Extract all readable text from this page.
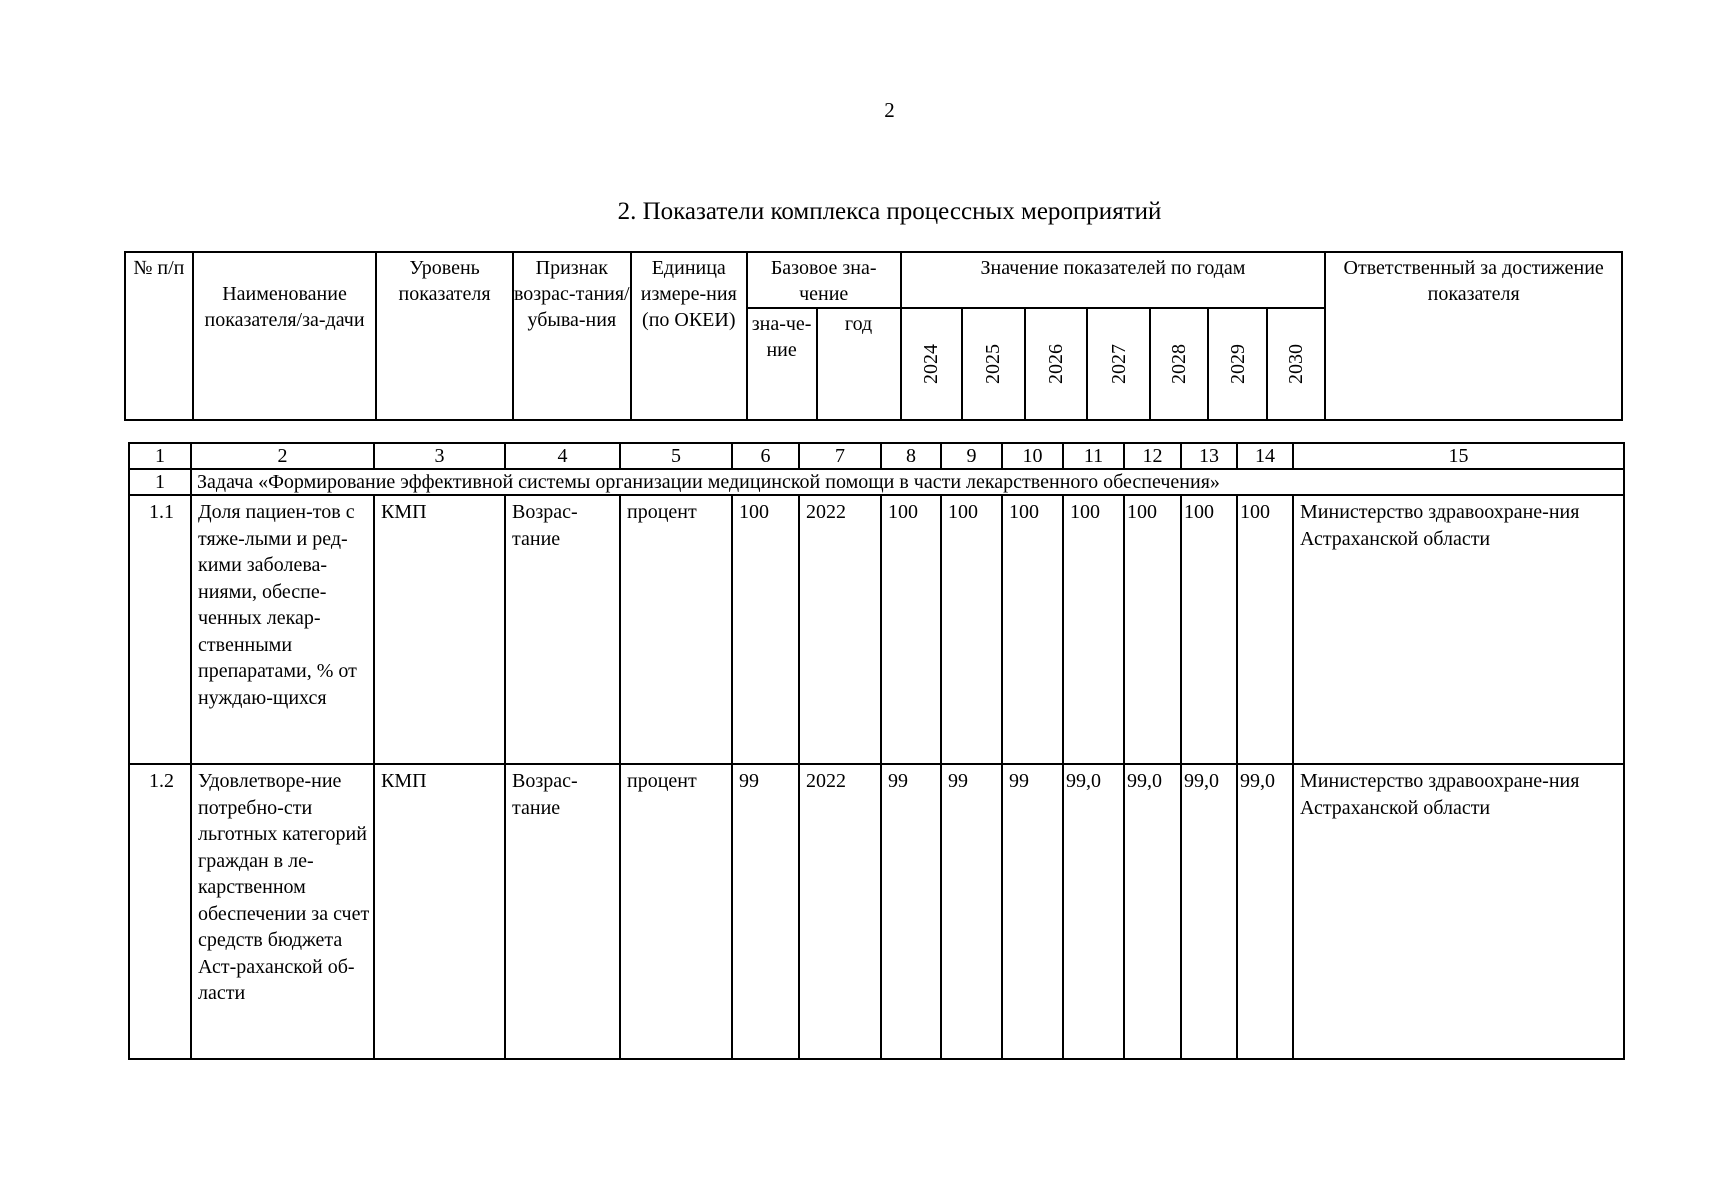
2
2. Показатели комплекса процессных мероприятий
№ п/п	Наименование показателя/за-дачи	Уровень показателя	Признак возрас-тания/ убыва-ния	Единица измере-ния (по ОКЕИ)	Базовое зна-чение		Значение показателей по годам							Ответственный за достижение показателя
					зна-че-ние	год	2024	2025	2026	2027	2028	2029	2030	
1	2	3	4	5	6	7	8	9	10	11	12	13	14	15
1	Задача «Формирование эффективной системы организации медицинской помощи в части лекарственного обеспечения»													
1.1	Доля пациен-тов с тяже-лыми и ред-кими заболева-ниями, обеспе-ченных лекар-ственными препаратами, % от нуждаю-щихся	КМП	Возрас-тание	процент	100	2022	100	100	100	100	100	100	100	Министерство здравоохране-ния Астраханской области
1.2	Удовлетворе-ние потребно-сти льготных категорий граждан в ле-карственном обеспечении за счет средств бюджета Аст-раханской об-ласти	КМП	Возрас-тание	процент	99	2022	99	99	99	99,0	99,0	99,0	99,0	Министерство здравоохране-ния Астраханской области
